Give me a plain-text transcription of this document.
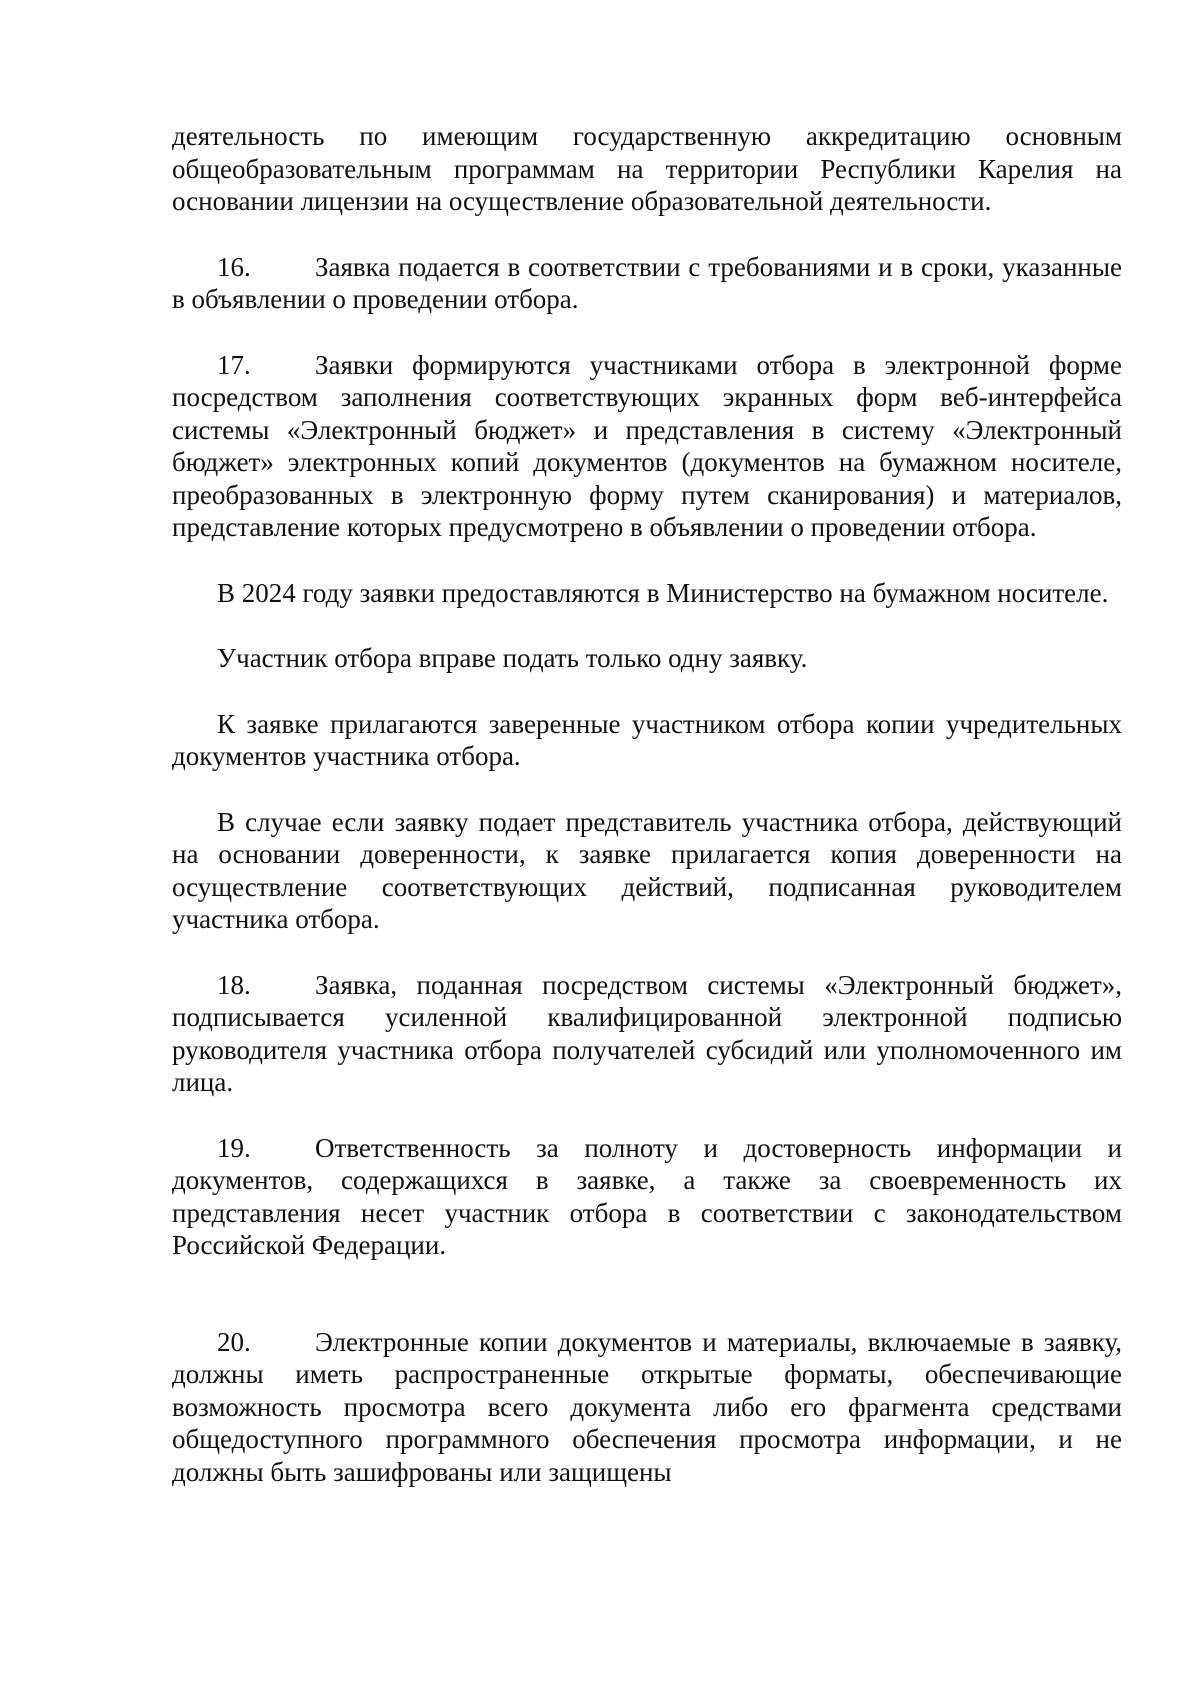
деятельность по имеющим государственную аккредитацию основным общеобразовательным программам на территории Республики Карелия на основании лицензии на осуществление образовательной деятельности.

16. Заявка подается в соответствии с требованиями и в сроки, указанные в объявлении о проведении отбора.

17. Заявки формируются участниками отбора в электронной форме посредством заполнения соответствующих экранных форм веб-интерфейса системы «Электронный бюджет» и представления в систему «Электронный бюджет» электронных копий документов (документов на бумажном носителе, преобразованных в электронную форму путем сканирования) и материалов, представление которых предусмотрено в объявлении о проведении отбора.

В 2024 году заявки предоставляются в Министерство на бумажном носителе.

Участник отбора вправе подать только одну заявку.

К заявке прилагаются заверенные участником отбора копии учредительных документов участника отбора.

В случае если заявку подает представитель участника отбора, действующий на основании доверенности, к заявке прилагается копия доверенности на осуществление соответствующих действий, подписанная руководителем участника отбора.

18. Заявка, поданная посредством системы «Электронный бюджет», подписывается усиленной квалифицированной электронной подписью руководителя участника отбора получателей субсидий или уполномоченного им лица.

19. Ответственность за полноту и достоверность информации и документов, содержащихся в заявке, а также за своевременность их представления несет участник отбора в соответствии с законодательством Российской Федерации.

20. Электронные копии документов и материалы, включаемые в заявку, должны иметь распространенные открытые форматы, обеспечивающие возможность просмотра всего документа либо его фрагмента средствами общедоступного программного обеспечения просмотра информации, и не должны быть зашифрованы или защищены
